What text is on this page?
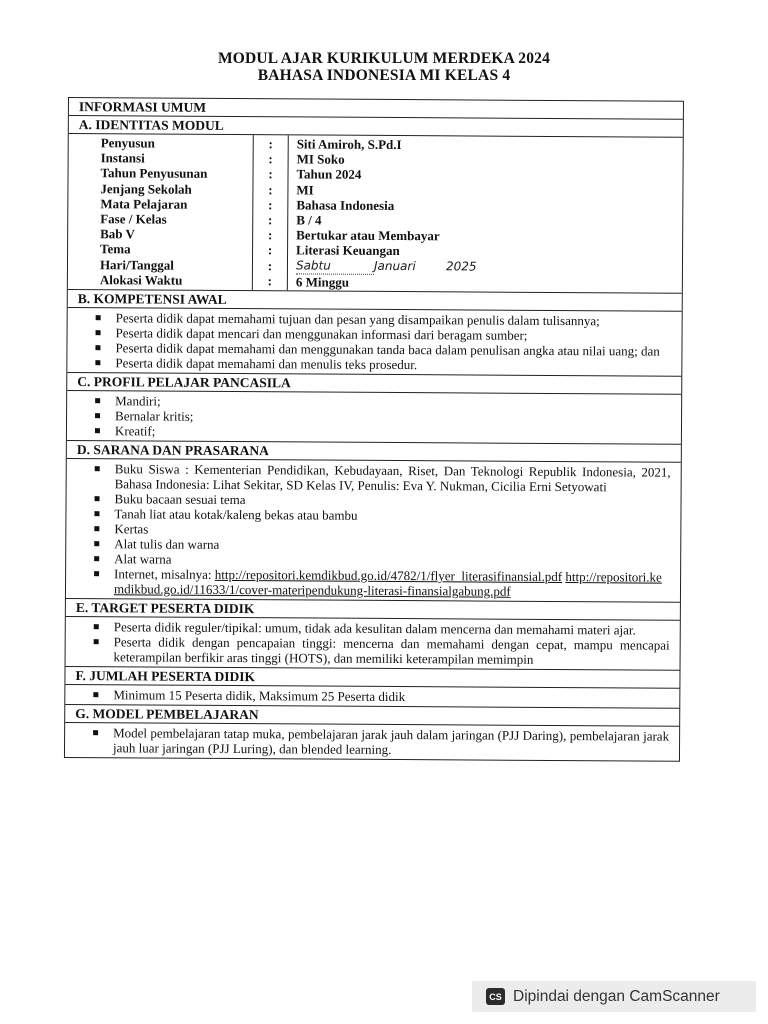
MODUL AJAR KURIKULUM MERDEKA 2024
BAHASA INDONESIA MI KELAS 4
INFORMASI UMUM
A. IDENTITAS MODUL
Penyusun
Instansi
Tahun Penyusunan
Jenjang Sekolah
Mata Pelajaran
Fase / Kelas
Bab V
Tema
Hari/Tanggal
Alokasi Waktu
:
:
:
:
:
:
:
:
:
:
Siti Amiroh, S.Pd.I
MI Soko
Tahun 2024
MI
Bahasa Indonesia
B / 4
Bertukar atau Membayar
Literasi Keuangan
Sabtu	Januari	2025
6 Minggu
B. KOMPETENSI AWAL
Peserta didik dapat memahami tujuan dan pesan yang disampaikan penulis dalam tulisannya;
Peserta didik dapat mencari dan menggunakan informasi dari beragam sumber;
Peserta didik dapat memahami dan menggunakan tanda baca dalam penulisan angka atau nilai uang; dan
Peserta didik dapat memahami dan menulis teks prosedur.
C. PROFIL PELAJAR PANCASILA
Mandiri;
Bernalar kritis;
Kreatif;
D. SARANA DAN PRASARANA
Buku Siswa : Kementerian Pendidikan, Kebudayaan, Riset, Dan Teknologi Republik Indonesia, 2021, Bahasa Indonesia: Lihat Sekitar, SD Kelas IV, Penulis: Eva Y. Nukman, Cicilia Erni Setyowati
Buku bacaan sesuai tema
Tanah liat atau kotak/kaleng bekas atau bambu
Kertas
Alat tulis dan warna
Alat warna
Internet, misalnya: http://repositori.kemdikbud.go.id/4782/1/flyer_literasifinansial.pdf http://repositori.kemdikbud.go.id/11633/1/cover-materipendukung-literasi-finansialgabung.pdf
E. TARGET PESERTA DIDIK
Peserta didik reguler/tipikal: umum, tidak ada kesulitan dalam mencerna dan memahami materi ajar.
Peserta didik dengan pencapaian tinggi: mencerna dan memahami dengan cepat, mampu mencapai keterampilan berfikir aras tinggi (HOTS), dan memiliki keterampilan memimpin
F. JUMLAH PESERTA DIDIK
Minimum 15 Peserta didik, Maksimum 25 Peserta didik
G. MODEL PEMBELAJARAN
Model pembelajaran tatap muka, pembelajaran jarak jauh dalam jaringan (PJJ Daring), pembelajaran jarak jauh luar jaringan (PJJ Luring), dan blended learning.
CS Dipindai dengan CamScanner
